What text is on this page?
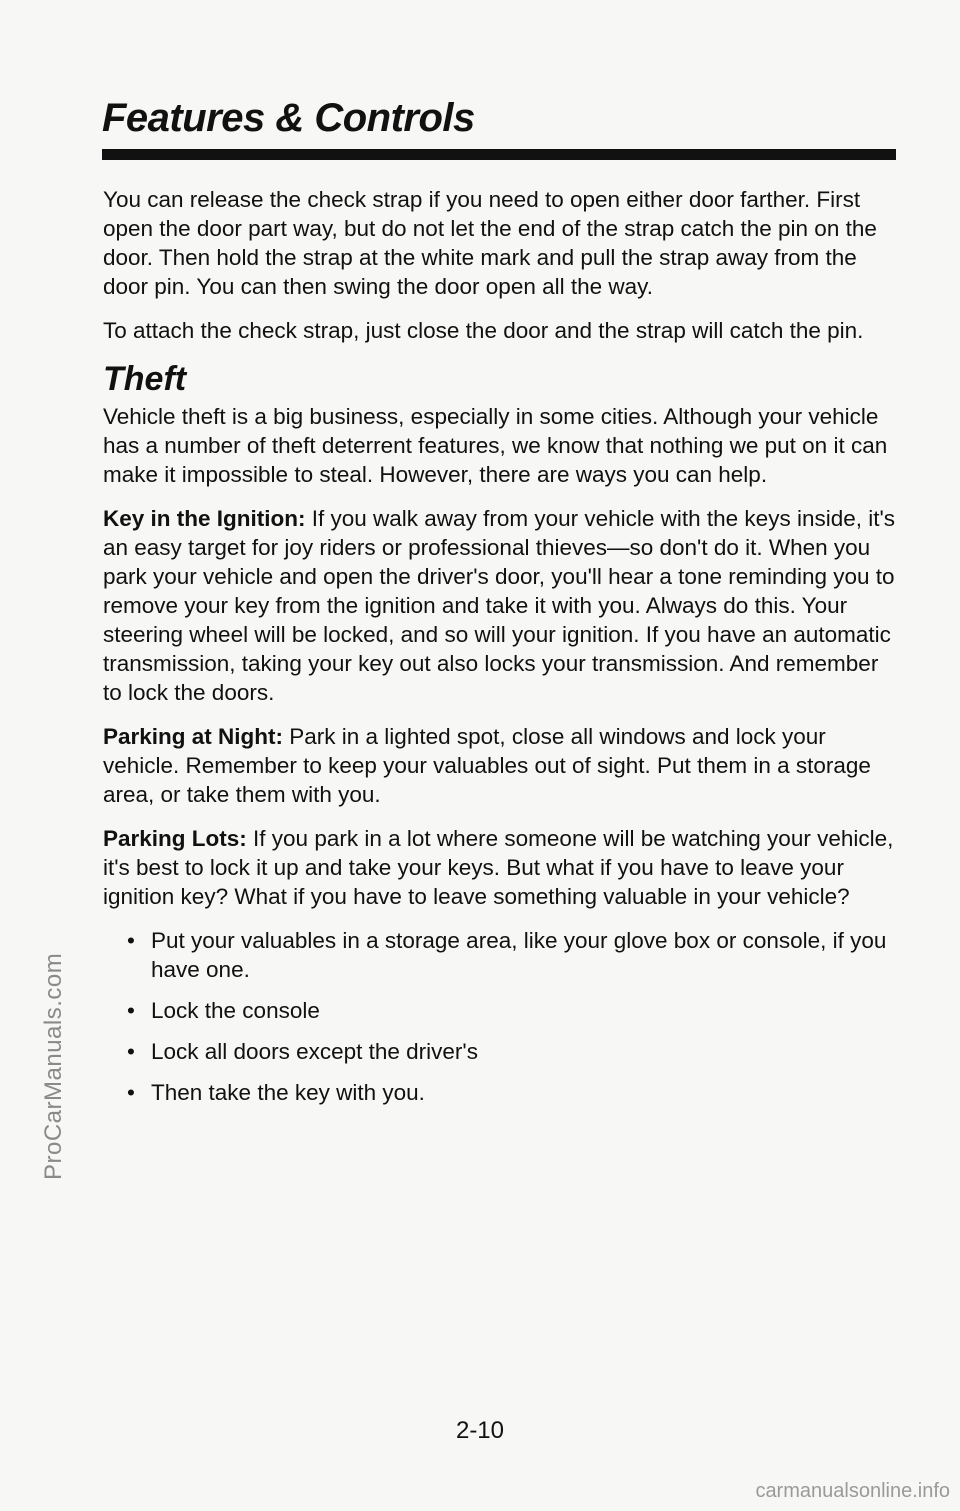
ProCarManuals.com
Features & Controls

You can release the check strap if you need to open either door farther. First open the door part way, but do not let the end of the strap catch the pin on the door. Then hold the strap at the white mark and pull the strap away from the door pin. You can then swing the door open all the way.

To attach the check strap, just close the door and the strap will catch the pin.

Theft

Vehicle theft is a big business, especially in some cities. Although your vehicle has a number of theft deterrent features, we know that nothing we put on it can make it impossible to steal. However, there are ways you can help.

Key in the Ignition: If you walk away from your vehicle with the keys inside, it's an easy target for joy riders or professional thieves—so don't do it. When you park your vehicle and open the driver's door, you'll hear a tone reminding you to remove your key from the ignition and take it with you. Always do this. Your steering wheel will be locked, and so will your ignition. If you have an automatic transmission, taking your key out also locks your transmission. And remember to lock the doors.

Parking at Night: Park in a lighted spot, close all windows and lock your vehicle. Remember to keep your valuables out of sight. Put them in a storage area, or take them with you.

Parking Lots: If you park in a lot where someone will be watching your vehicle, it's best to lock it up and take your keys. But what if you have to leave your ignition key? What if you have to leave something valuable in your vehicle?

• Put your valuables in a storage area, like your glove box or console, if you have one.
• Lock the console
• Lock all doors except the driver's
• Then take the key with you.
2-10
carmanualsonline.info
